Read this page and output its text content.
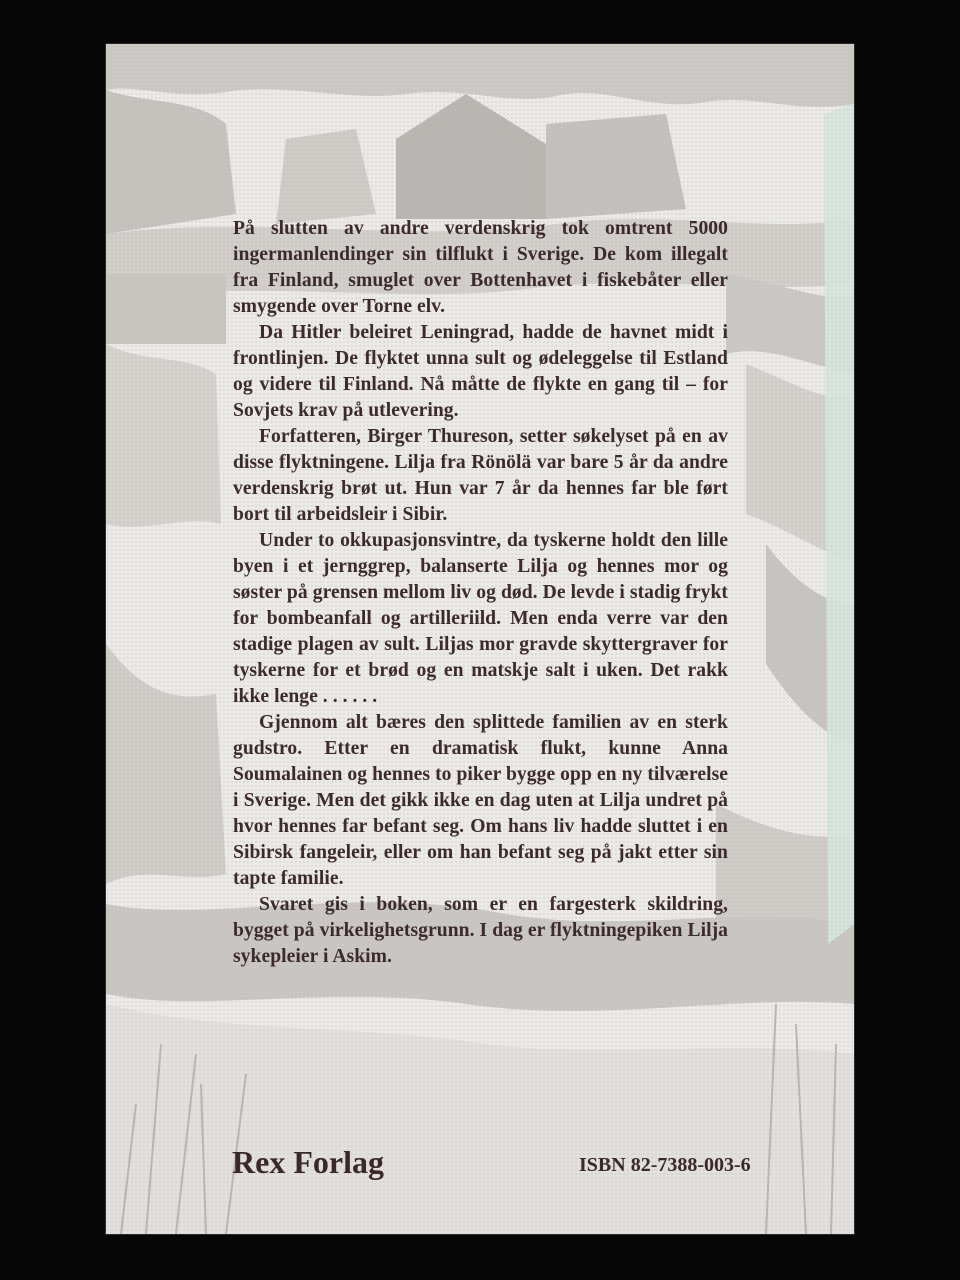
På slutten av andre verdenskrig tok omtrent 5000 ingermanlendinger sin tilflukt i Sverige. De kom illegalt fra Finland, smuglet over Bottenhavet i fiskebåter eller smygende over Torne elv.

Da Hitler beleiret Leningrad, hadde de havnet midt i frontlinjen. De flyktet unna sult og ødeleggelse til Estland og videre til Finland. Nå måtte de flykte en gang til – for Sovjets krav på utlevering.

Forfatteren, Birger Thureson, setter søkelyset på en av disse flyktningene. Lilja fra Rönölä var bare 5 år da andre verdenskrig brøt ut. Hun var 7 år da hennes far ble ført bort til arbeidsleir i Sibir.

Under to okkupasjonsvintre, da tyskerne holdt den lille byen i et jernggrep, balanserte Lilja og hennes mor og søster på grensen mellom liv og død. De levde i stadig frykt for bombeanfall og artilleriild. Men enda verre var den stadige plagen av sult. Liljas mor gravde skyttergraver for tyskerne for et brød og en matskje salt i uken. Det rakk ikke lenge . . . . . .

Gjennom alt bæres den splittede familien av en sterk gudstro. Etter en dramatisk flukt, kunne Anna Soumalainen og hennes to piker bygge opp en ny tilværelse i Sverige. Men det gikk ikke en dag uten at Lilja undret på hvor hennes far befant seg. Om hans liv hadde sluttet i en Sibirsk fangeleir, eller om han befant seg på jakt etter sin tapte familie.

Svaret gis i boken, som er en fargesterk skildring, bygget på virkelighetsgrunn. I dag er flyktningepiken Lilja sykepleier i Askim.

Rex Forlag	ISBN 82-7388-003-6
